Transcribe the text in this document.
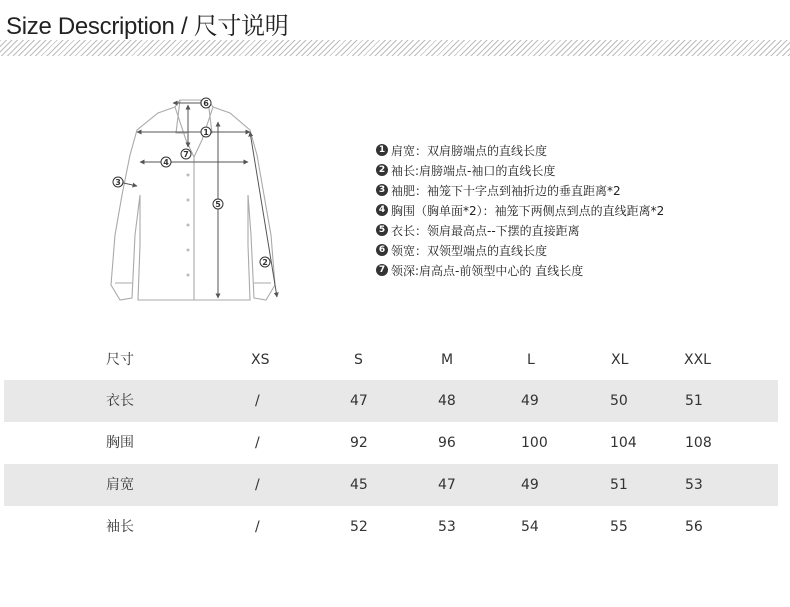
Size Description / 尺寸说明
6
1
7
4
3
5
2
1 肩宽：双肩膀端点的直线长度
2 袖长:肩膀端点-袖口的直线长度
3 袖肥：袖笼下十字点到袖折边的垂直距离*2
4 胸围（胸单面*2）：袖笼下两侧点到点的直线距离*2
5 衣长：领肩最高点--下摆的直接距离
6 领宽：双领型端点的直线长度
7 领深:肩高点-前领型中心的 直线长度
尺寸	XS	S	M	L	XL	XXL
衣长	/	47	48	49	50	51
胸围	/	92	96	100	104	108
肩宽	/	45	47	49	51	53
袖长	/	52	53	54	55	56
